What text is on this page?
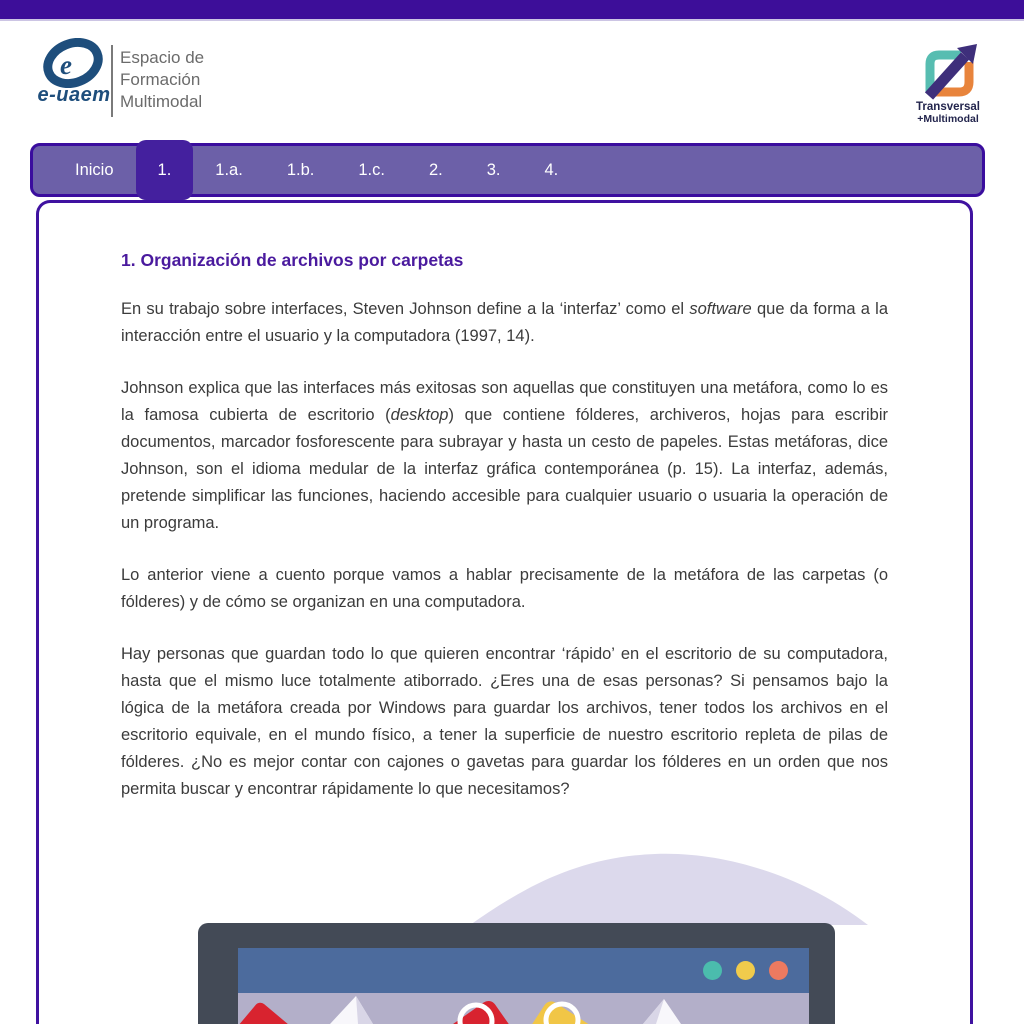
e
e-uaem
Espacio de
Formación
Multimodal	Transversal
+Multimodal
Inicio	1.	1.a.	1.b.	1.c.	2.	3.	4.
1. Organización de archivos por carpetas

En su trabajo sobre interfaces, Steven Johnson define a la ‘interfaz’ como el software que da forma a la interacción entre el usuario y la computadora (1997, 14).

Johnson explica que las interfaces más exitosas son aquellas que constituyen una metáfora, como lo es la famosa cubierta de escritorio (desktop) que contiene fólderes, archiveros, hojas para escribir documentos, marcador fosforescente para subrayar y hasta un cesto de papeles. Estas metáforas, dice Johnson, son el idioma medular de la interfaz gráfica contemporánea (p. 15). La interfaz, además, pretende simplificar las funciones, haciendo accesible para cualquier usuario o usuaria la operación de un programa.

Lo anterior viene a cuento porque vamos a hablar precisamente de la metáfora de las carpetas (o fólderes) y de cómo se organizan en una computadora.

Hay personas que guardan todo lo que quieren encontrar ‘rápido’ en el escritorio de su computadora, hasta que el mismo luce totalmente atiborrado. ¿Eres una de esas personas? Si pensamos bajo la lógica de la metáfora creada por Windows para guardar los archivos, tener todos los archivos en el escritorio equivale, en el mundo físico, a tener la superficie de nuestro escritorio repleta de pilas de fólderes. ¿No es mejor contar con cajones o gavetas para guardar los fólderes en un orden que nos permita buscar y encontrar rápidamente lo que necesitamos?
